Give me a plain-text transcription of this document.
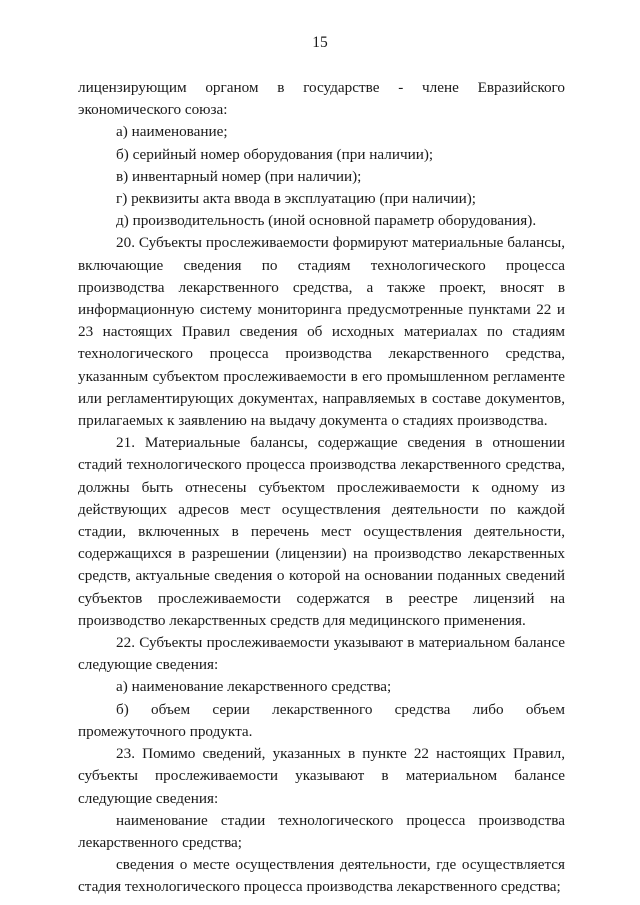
15

лицензирующим органом в государстве - члене Евразийского экономического союза:

а) наименование;

б) серийный номер оборудования (при наличии);

в) инвентарный номер (при наличии);

г) реквизиты акта ввода в эксплуатацию (при наличии);

д) производительность (иной основной параметр оборудования).

20. Субъекты прослеживаемости формируют материальные балансы, включающие сведения по стадиям технологического процесса производства лекарственного средства, а также проект, вносят в информационную систему мониторинга предусмотренные пунктами 22 и 23 настоящих Правил сведения об исходных материалах по стадиям технологического процесса производства лекарственного средства, указанным субъектом прослеживаемости в его промышленном регламенте или регламентирующих документах, направляемых в составе документов, прилагаемых к заявлению на выдачу документа о стадиях производства.

21. Материальные балансы, содержащие сведения в отношении стадий технологического процесса производства лекарственного средства, должны быть отнесены субъектом прослеживаемости к одному из действующих адресов мест осуществления деятельности по каждой стадии, включенных в перечень мест осуществления деятельности, содержащихся в разрешении (лицензии) на производство лекарственных средств, актуальные сведения о которой на основании поданных сведений субъектов прослеживаемости содержатся в реестре лицензий на производство лекарственных средств для медицинского применения.

22. Субъекты прослеживаемости указывают в материальном балансе следующие сведения:

а) наименование лекарственного средства;

б) объем серии лекарственного средства либо объем промежуточного продукта.

23. Помимо сведений, указанных в пункте 22 настоящих Правил, субъекты прослеживаемости указывают в материальном балансе следующие сведения:

наименование стадии технологического процесса производства лекарственного средства;

сведения о месте осуществления деятельности, где осуществляется стадия технологического процесса производства лекарственного средства;
